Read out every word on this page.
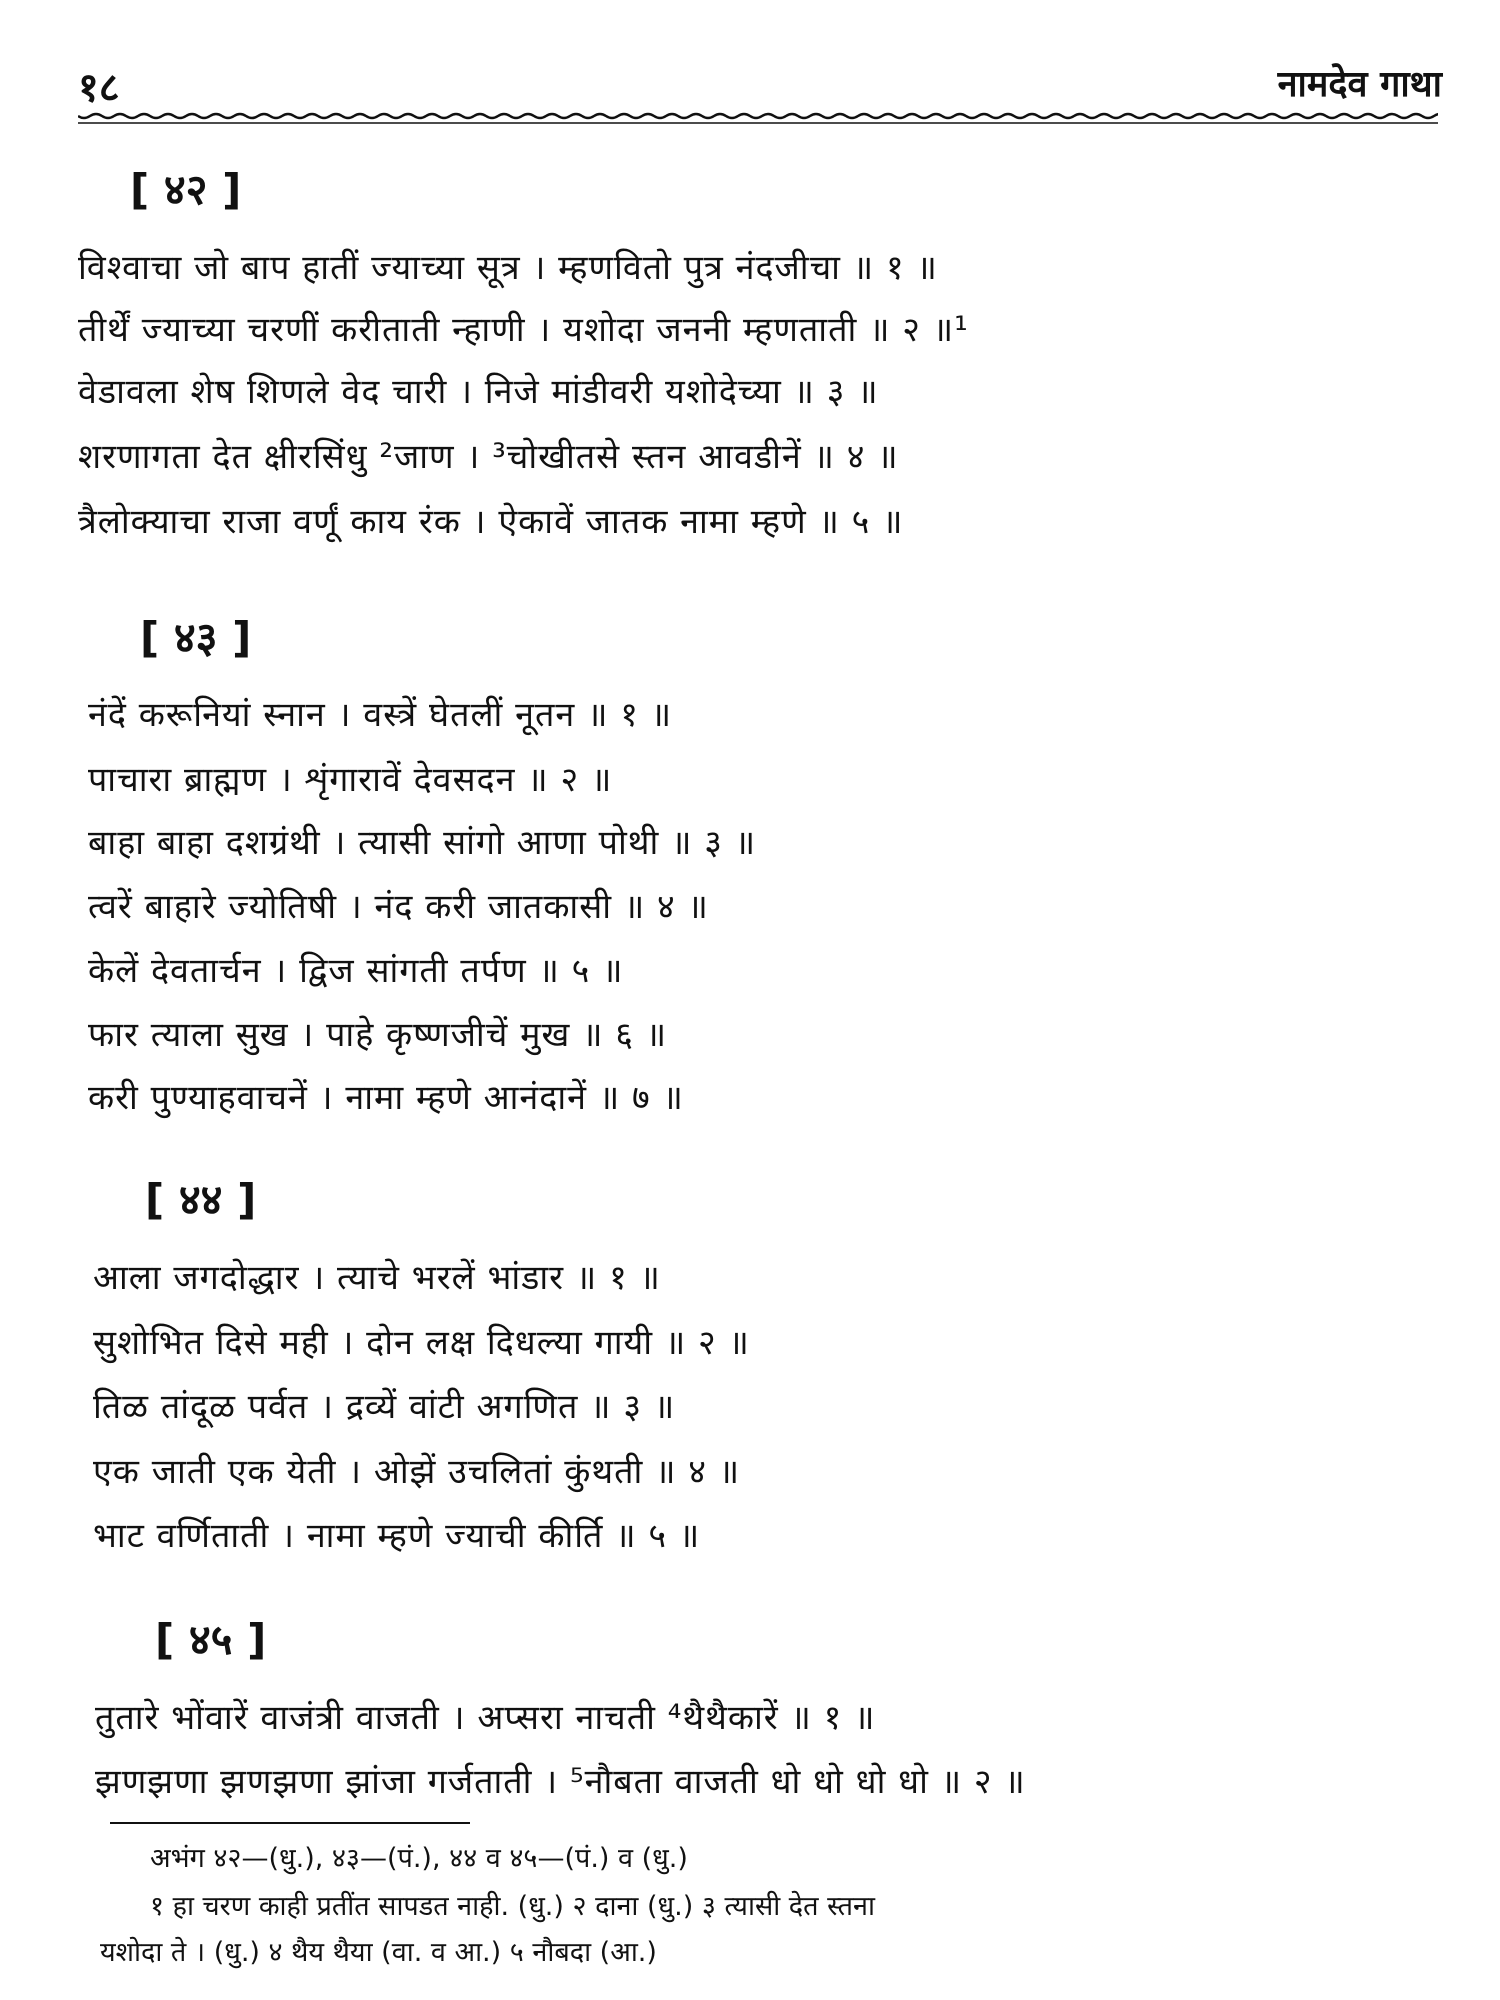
१८	नामदेव गाथा
[ ४२ ]
विश्वाचा जो बाप हातीं ज्याच्या सूत्र । म्हणवितो पुत्र नंदजीचा ॥ १ ॥
तीर्थें ज्याच्या चरणीं करीताती न्हाणी । यशोदा जननी म्हणताती ॥ २ ॥¹
वेडावला शेष शिणले वेद चारी । निजे मांडीवरी यशोदेच्या ॥ ३ ॥
शरणागता देत क्षीरसिंधु ²जाण । ³चोखीतसे स्तन आवडीनें ॥ ४ ॥
त्रैलोक्याचा राजा वर्णूं काय रंक । ऐकावें जातक नामा म्हणे ॥ ५ ॥
[ ४३ ]
नंदें करूनियां स्नान । वस्त्रें घेतलीं नूतन ॥ १ ॥
पाचारा ब्राह्मण । शृंगारावें देवसदन ॥ २ ॥
बाहा बाहा दशग्रंथी । त्यासी सांगो आणा पोथी ॥ ३ ॥
त्वरें बाहारे ज्योतिषी । नंद करी जातकासी ॥ ४ ॥
केलें देवतार्चन । द्विज सांगती तर्पण ॥ ५ ॥
फार त्याला सुख । पाहे कृष्णजीचें मुख ॥ ६ ॥
करी पुण्याहवाचनें । नामा म्हणे आनंदानें ॥ ७ ॥
[ ४४ ]
आला जगदोद्धार । त्याचे भरलें भांडार ॥ १ ॥
सुशोभित दिसे मही । दोन लक्ष दिधल्या गायी ॥ २ ॥
तिळ तांदूळ पर्वत । द्रव्यें वांटी अगणित ॥ ३ ॥
एक जाती एक येती । ओझें उचलितां कुंथती ॥ ४ ॥
भाट वर्णिताती । नामा म्हणे ज्याची कीर्ति ॥ ५ ॥
[ ४५ ]
तुतारे भोंवारें वाजंत्री वाजती । अप्सरा नाचती ⁴थैथैकारें ॥ १ ॥
झणझणा झणझणा झांजा गर्जताती । ⁵नौबता वाजती धो धो धो धो ॥ २ ॥
अभंग ४२—(धु.), ४३—(पं.), ४४ व ४५—(पं.) व (धु.)
१ हा चरण काही प्रतींत सापडत नाही. (धु.) २ दाना (धु.) ३ त्यासी देत स्तना
यशोदा ते । (धु.) ४ थैय थैया (वा. व आ.) ५ नौबदा (आ.)
